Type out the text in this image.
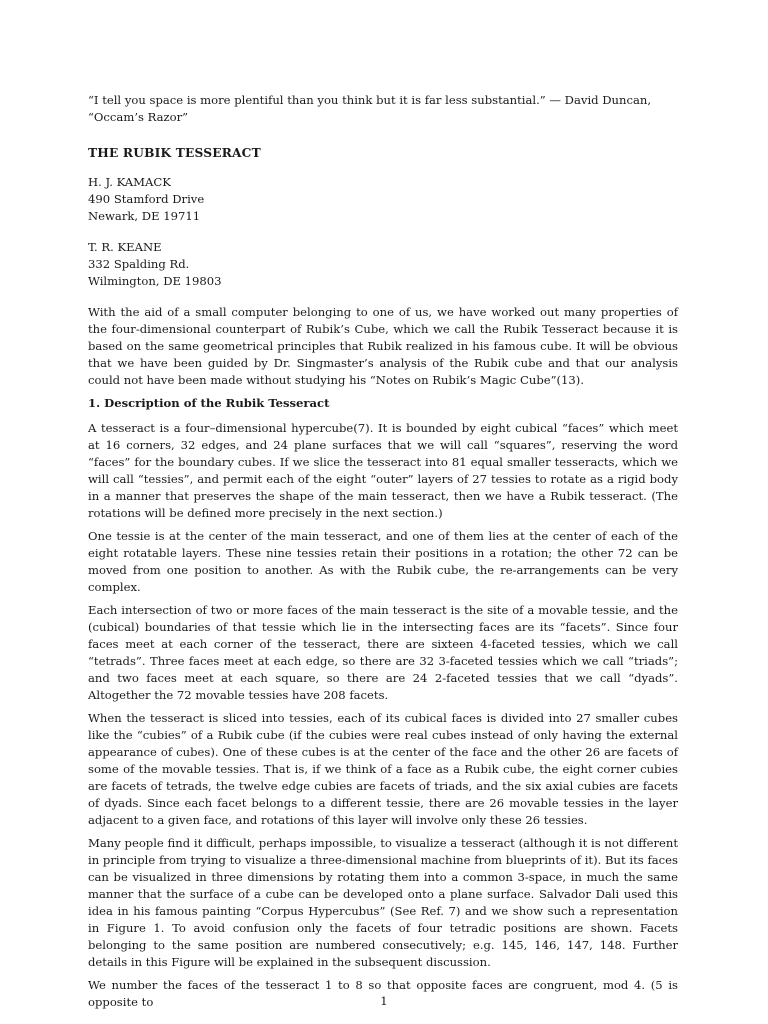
“I tell you space is more plentiful than you think but it is far less substantial.” — David Duncan, “Occam’s Razor”

THE RUBIK TESSERACT
H. J. KAMACK
490 Stamford Drive
Newark, DE 19711
T. R. KEANE
332 Spalding Rd.
Wilmington, DE 19803

With the aid of a small computer belonging to one of us, we have worked out many properties of the four-dimensional counterpart of Rubik’s Cube, which we call the Rubik Tesseract because it is based on the same geometrical principles that Rubik realized in his famous cube. It will be obvious that we have been guided by Dr. Singmaster’s analysis of the Rubik cube and that our analysis could not have been made without studying his “Notes on Rubik’s Magic Cube”(13).

1. Description of the Rubik Tesseract

A tesseract is a four–dimensional hypercube(7). It is bounded by eight cubical “faces” which meet at 16 corners, 32 edges, and 24 plane surfaces that we will call “squares”, reserving the word “faces” for the boundary cubes. If we slice the tesseract into 81 equal smaller tesseracts, which we will call “tessies”, and permit each of the eight “outer” layers of 27 tessies to rotate as a rigid body in a manner that preserves the shape of the main tesseract, then we have a Rubik tesseract. (The rotations will be defined more precisely in the next section.)

One tessie is at the center of the main tesseract, and one of them lies at the center of each of the eight rotatable layers. These nine tessies retain their positions in a rotation; the other 72 can be moved from one position to another. As with the Rubik cube, the re-arrangements can be very complex.

Each intersection of two or more faces of the main tesseract is the site of a movable tessie, and the (cubical) boundaries of that tessie which lie in the intersecting faces are its “facets”. Since four faces meet at each corner of the tesseract, there are sixteen 4-faceted tessies, which we call “tetrads”. Three faces meet at each edge, so there are 32 3-faceted tessies which we call “triads”; and two faces meet at each square, so there are 24 2-faceted tessies that we call “dyads”. Altogether the 72 movable tessies have 208 facets.

When the tesseract is sliced into tessies, each of its cubical faces is divided into 27 smaller cubes like the “cubies” of a Rubik cube (if the cubies were real cubes instead of only having the external appearance of cubes). One of these cubes is at the center of the face and the other 26 are facets of some of the movable tessies. That is, if we think of a face as a Rubik cube, the eight corner cubies are facets of tetrads, the twelve edge cubies are facets of triads, and the six axial cubies are facets of dyads. Since each facet belongs to a different tessie, there are 26 movable tessies in the layer adjacent to a given face, and rotations of this layer will involve only these 26 tessies.

Many people find it difficult, perhaps impossible, to visualize a tesseract (although it is not different in principle from trying to visualize a three-dimensional machine from blueprints of it). But its faces can be visualized in three dimensions by rotating them into a common 3-space, in much the same manner that the surface of a cube can be developed onto a plane surface. Salvador Dali used this idea in his famous painting “Corpus Hypercubus” (See Ref. 7) and we show such a representation in Figure 1. To avoid confusion only the facets of four tetradic positions are shown. Facets belonging to the same position are numbered consecutively; e.g. 145, 146, 147, 148. Further details in this Figure will be explained in the subsequent discussion.

We number the faces of the tesseract 1 to 8 so that opposite faces are congruent, mod 4. (5 is opposite to	1
